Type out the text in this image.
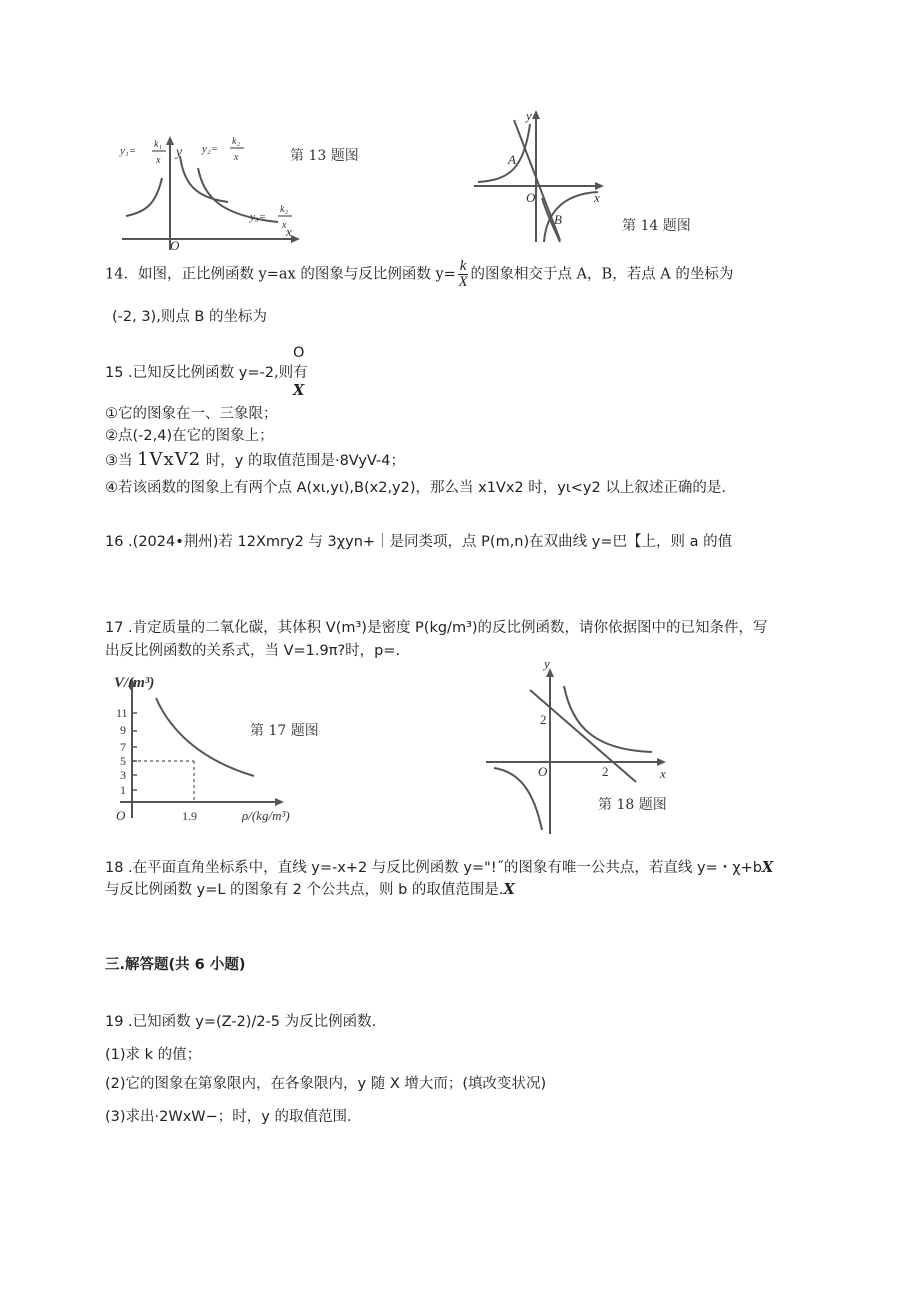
O
y
x
y₁=
k₁
x
y₂=
k₂
x
y₃=
k₃
x
第 13 题图
O
y
x
A
B	第 14 题图
14．如图，正比例函数 y=ax 的图象与反比例函数 $y= \frac{k}{X}$ 的图象相交于点 A，B，若点 A 的坐标为
(-2, 3),则点 B 的坐标为
O
15 .已知反比例函数 y=-2,则有
X
①它的图象在一、三象限；
②点(-2,4)在它的图象上；
③当 1VxV2 时，y 的取值范围是·8VyV-4；
④若该函数的图象上有两个点 A(xι,yι),B(x2,y2)，那么当 x1Vx2 时，yι<y2 以上叙述正确的是.
16 .(2024•荆州)若 12Xmry2 与 3χyn+｜是同类项，点 P(m,n)在双曲线 y=巴【上，则 a 的值
17 .肯定质量的二氧化碳，其体积 V(m³)是密度 P(kg∕m³)的反比例函数，请你依据图中的已知条件，写
出反比例函数的关系式，当 V=1.9π?时，p=.
V/(m³)
11
9
7
5
3
1
O	1.9	ρ/(kg/m³)
第 17 题图
y
x
O
2
2
第 18 题图
18 .在平面直角坐标系中，直线 y=-x+2 与反比例函数 y="!˝的图象有唯一公共点，若直线 y=・χ+bX
与反比例函数 y=L 的图象有 2 个公共点，则 b 的取值范围是.X
三.解答题(共 6 小题)
19 .已知函数 y=(Z-2)∕2-5 为反比例函数.
(1)求 k 的值；
(2)它的图象在第象限内，在各象限内，y 随 X 增大而；(填改变状况)
(3)求出·2WxW−；时，y 的取值范围.
